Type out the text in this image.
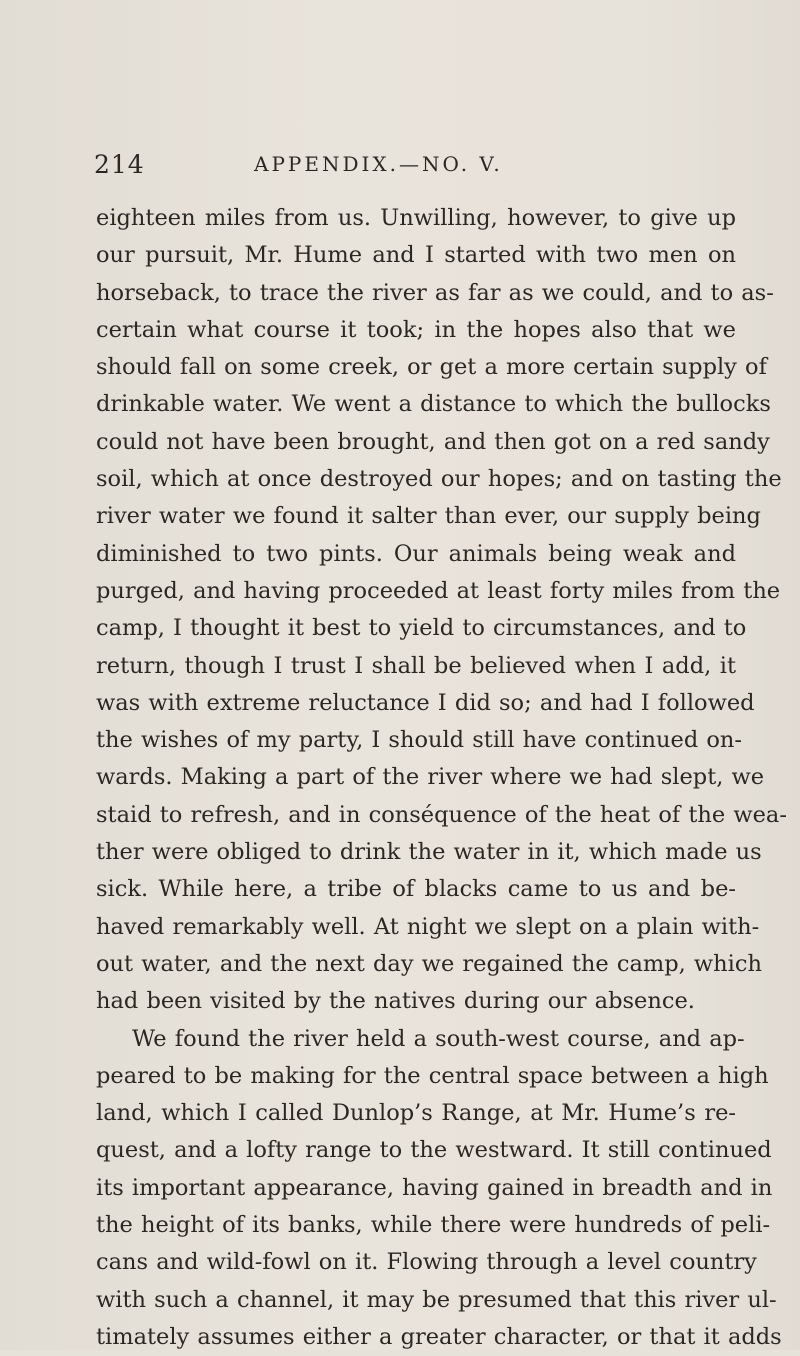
214	APPENDIX.—NO. V.
eighteen miles from us. Unwilling, however, to give up
our pursuit, Mr. Hume and I started with two men on
horseback, to trace the river as far as we could, and to as-
certain what course it took; in the hopes also that we
should fall on some creek, or get a more certain supply of
drinkable water. We went a distance to which the bullocks
could not have been brought, and then got on a red sandy
soil, which at once destroyed our hopes; and on tasting the
river water we found it salter than ever, our supply being
diminished to two pints. Our animals being weak and
purged, and having proceeded at least forty miles from the
camp, I thought it best to yield to circumstances, and to
return, though I trust I shall be believed when I add, it
was with extreme reluctance I did so; and had I followed
the wishes of my party, I should still have continued on-
wards. Making a part of the river where we had slept, we
staid to refresh, and in conséquence of the heat of the wea-
ther were obliged to drink the water in it, which made us
sick. While here, a tribe of blacks came to us and be-
haved remarkably well. At night we slept on a plain with-
out water, and the next day we regained the camp, which
had been visited by the natives during our absence.
We found the river held a south-west course, and ap-
peared to be making for the central space between a high
land, which I called Dunlop’s Range, at Mr. Hume’s re-
quest, and a lofty range to the westward. It still continued
its important appearance, having gained in breadth and in
the height of its banks, while there were hundreds of peli-
cans and wild-fowl on it. Flowing through a level country
with such a channel, it may be presumed that this river ul-
timately assumes either a greater character, or that it adds
